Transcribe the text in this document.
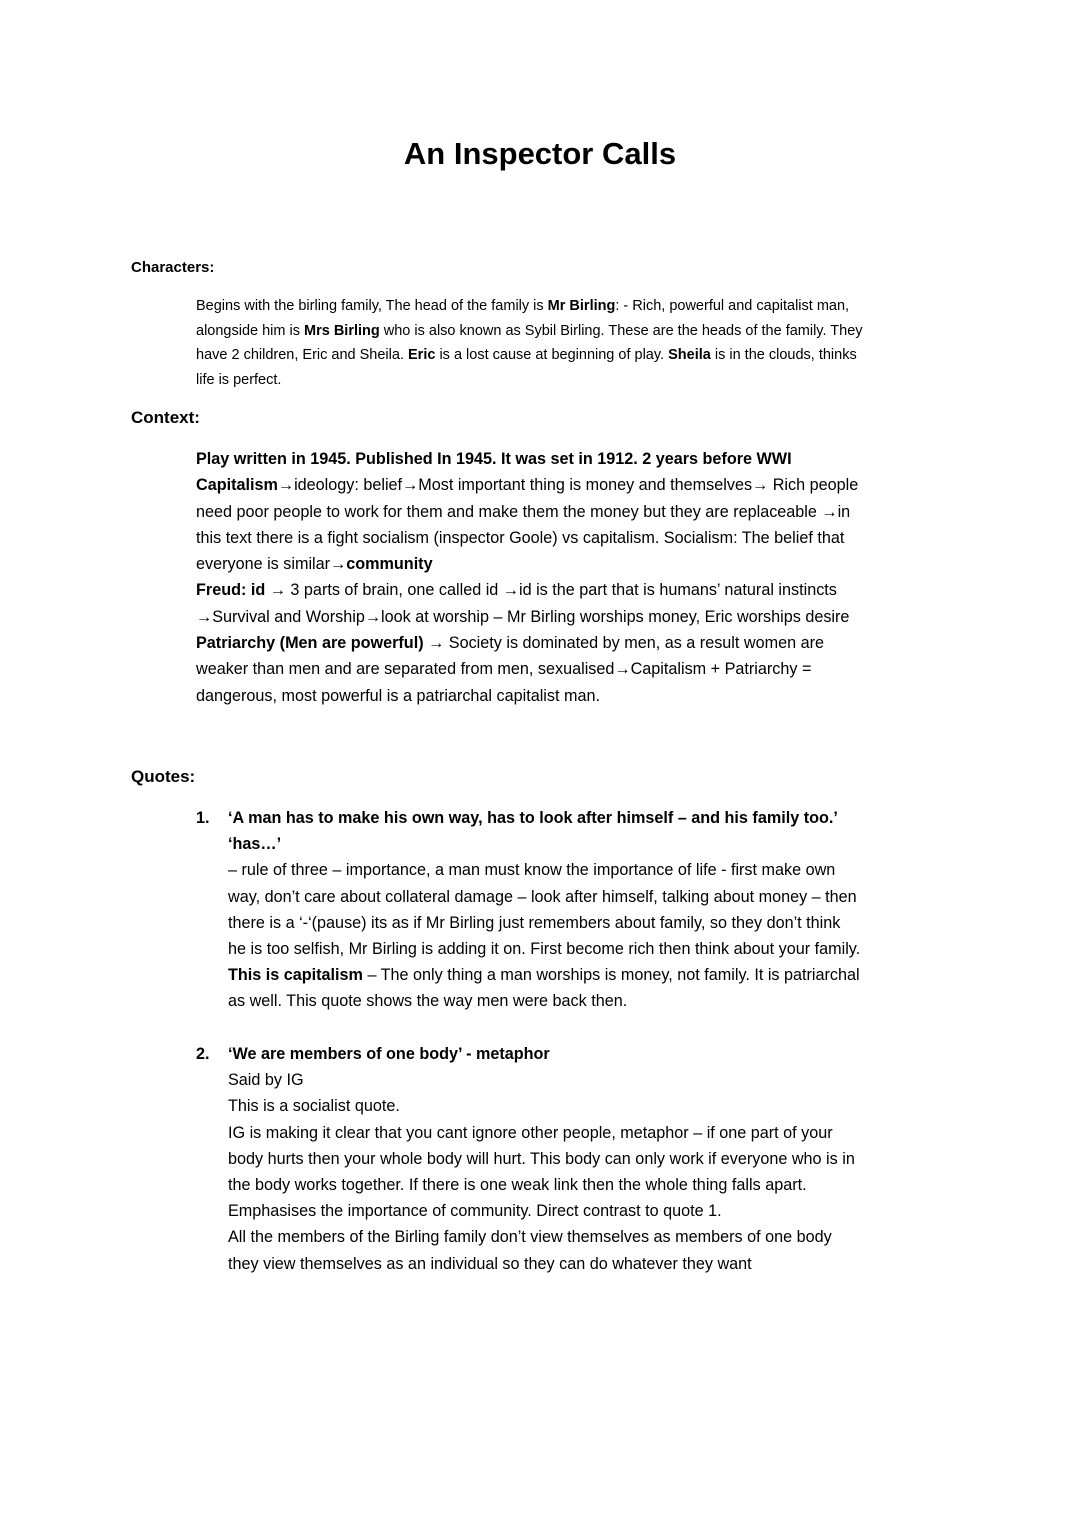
An Inspector Calls
Characters:
Begins with the birling family, The head of the family is Mr Birling: - Rich, powerful and capitalist man,
alongside him is Mrs Birling who is also known as Sybil Birling. These are the heads of the family. They
have 2 children, Eric and Sheila. Eric is a lost cause at beginning of play. Sheila is in the clouds, thinks
life is perfect.
Context:
Play written in 1945. Published In 1945. It was set in 1912. 2 years before WWI
Capitalism→ideology: belief→Most important thing is money and themselves→ Rich people
need poor people to work for them and make them the money but they are replaceable →in
this text there is a fight socialism (inspector Goole) vs capitalism. Socialism: The belief that
everyone is similar→community
Freud: id → 3 parts of brain, one called id →id is the part that is humans’ natural instincts
→Survival and Worship→look at worship – Mr Birling worships money, Eric worships desire
Patriarchy (Men are powerful) → Society is dominated by men, as a result women are
weaker than men and are separated from men, sexualised→Capitalism + Patriarchy =
dangerous, most powerful is a patriarchal capitalist man.
Quotes:
1. ‘A man has to make his own way, has to look after himself – and his family too.’
‘has…’
– rule of three – importance, a man must know the importance of life - first make own
way, don’t care about collateral damage – look after himself, talking about money – then
there is a ‘-‘(pause) its as if Mr Birling just remembers about family, so they don’t think
he is too selfish, Mr Birling is adding it on. First become rich then think about your family.
This is capitalism – The only thing a man worships is money, not family. It is patriarchal
as well. This quote shows the way men were back then.
2. ‘We are members of one body’ - metaphor
Said by IG
This is a socialist quote.
IG is making it clear that you cant ignore other people, metaphor – if one part of your
body hurts then your whole body will hurt. This body can only work if everyone who is in
the body works together. If there is one weak link then the whole thing falls apart.
Emphasises the importance of community. Direct contrast to quote 1.
All the members of the Birling family don’t view themselves as members of one body
they view themselves as an individual so they can do whatever they want
